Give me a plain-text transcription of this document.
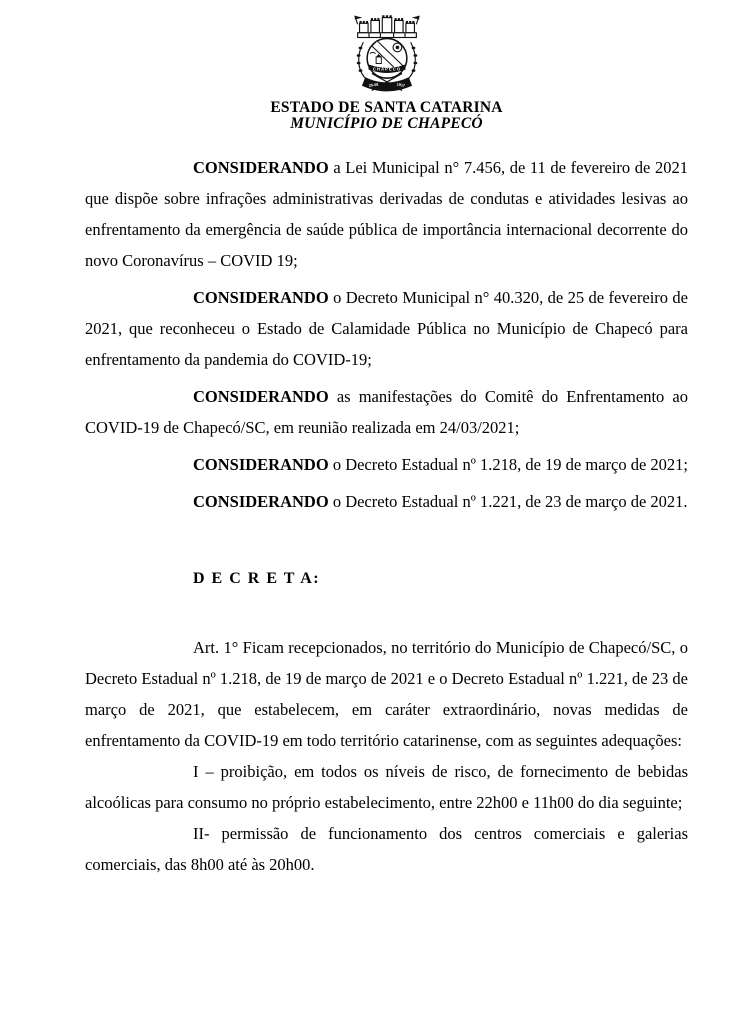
CHAPECÓ
25-08	1917
ESTADO DE SANTA CATARINA
MUNICÍPIO DE CHAPECÓ

CONSIDERANDO a Lei Municipal n° 7.456, de 11 de fevereiro de 2021 que dispõe sobre infrações administrativas derivadas de condutas e atividades lesivas ao enfrentamento da emergência de saúde pública de importância internacional decorrente do novo Coronavírus – COVID 19;

CONSIDERANDO o Decreto Municipal n° 40.320, de 25 de fevereiro de 2021, que reconheceu o Estado de Calamidade Pública no Município de Chapecó para enfrentamento da pandemia do COVID-19;

CONSIDERANDO as manifestações do Comitê do Enfrentamento ao COVID-19 de Chapecó/SC, em reunião realizada em 24/03/2021;

CONSIDERANDO o Decreto Estadual nº 1.218, de 19 de março de 2021;

CONSIDERANDO o Decreto Estadual nº 1.221, de 23 de março de 2021.

D E C R E T A:

Art. 1° Ficam recepcionados, no território do Município de Chapecó/SC, o Decreto Estadual nº 1.218, de 19 de março de 2021 e o Decreto Estadual nº 1.221, de 23 de março de 2021, que estabelecem, em caráter extraordinário, novas medidas de enfrentamento da COVID-19 em todo território catarinense, com as seguintes adequações:

I – proibição, em todos os níveis de risco, de fornecimento de bebidas alcoólicas para consumo no próprio estabelecimento, entre 22h00 e 11h00 do dia seguinte;

II- permissão de funcionamento dos centros comerciais e galerias comerciais, das 8h00 até às 20h00.
